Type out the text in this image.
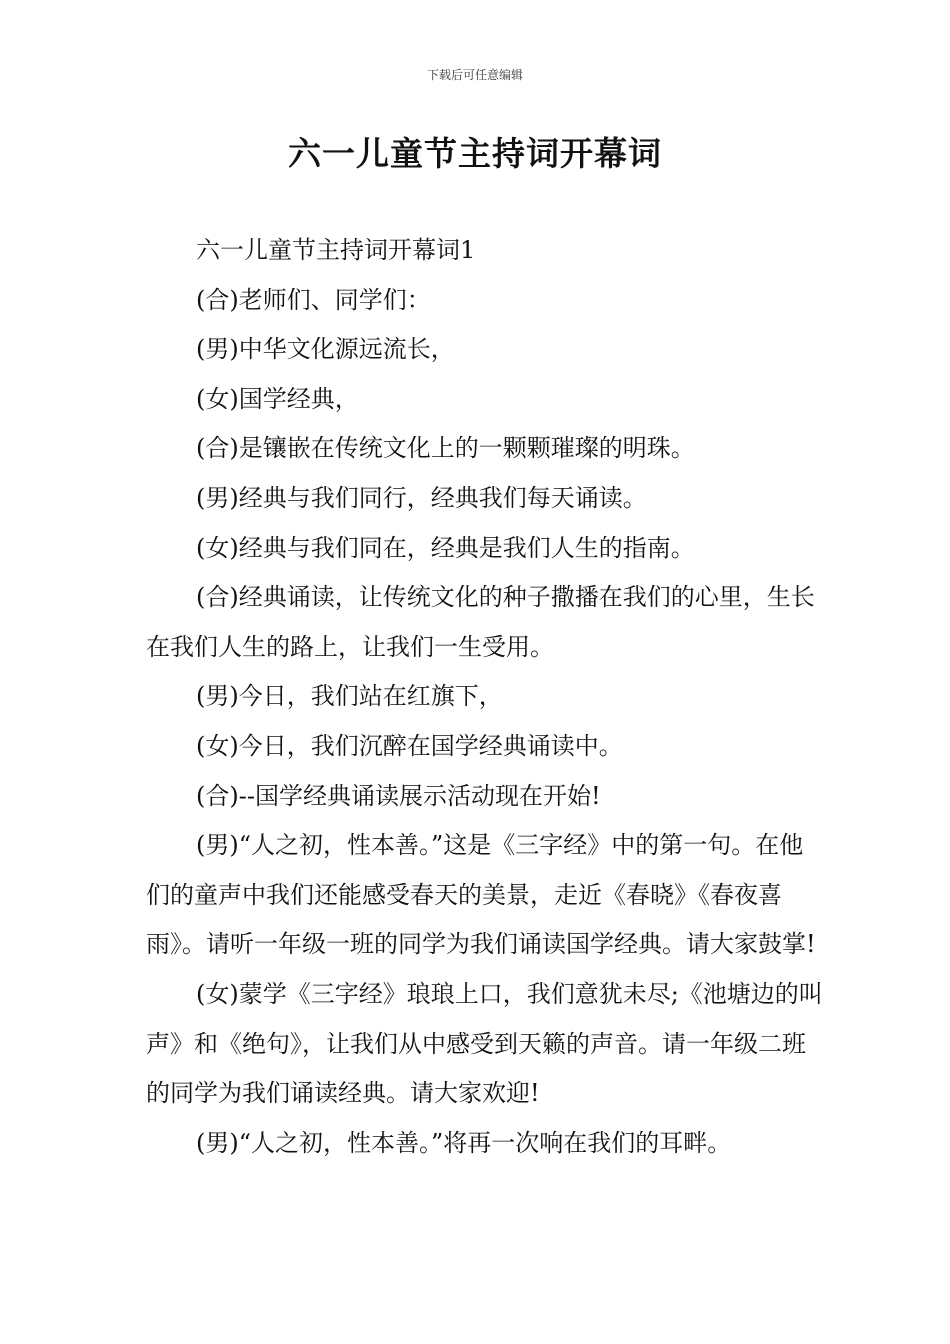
下载后可任意编辑
六一儿童节主持词开幕词

六一儿童节主持词开幕词1

(合)老师们、同学们：

(男)中华文化源远流长，

(女)国学经典，

(合)是镶嵌在传统文化上的一颗颗璀璨的明珠。

(男)经典与我们同行，经典我们每天诵读。

(女)经典与我们同在，经典是我们人生的指南。

(合)经典诵读，让传统文化的种子撒播在我们的心里，生长在我们人生的路上，让我们一生受用。

(男)今日，我们站在红旗下，

(女)今日，我们沉醉在国学经典诵读中。

(合)--国学经典诵读展示活动现在开始!

(男)“人之初，性本善。”这是《三字经》中的第一句。在他们的童声中我们还能感受春天的美景，走近《春晓》《春夜喜雨》。请听一年级一班的同学为我们诵读国学经典。请大家鼓掌!

(女)蒙学《三字经》琅琅上口，我们意犹未尽;《池塘边的叫声》和《绝句》，让我们从中感受到天籁的声音。请一年级二班的同学为我们诵读经典。请大家欢迎!

(男)“人之初，性本善。”将再一次响在我们的耳畔。
